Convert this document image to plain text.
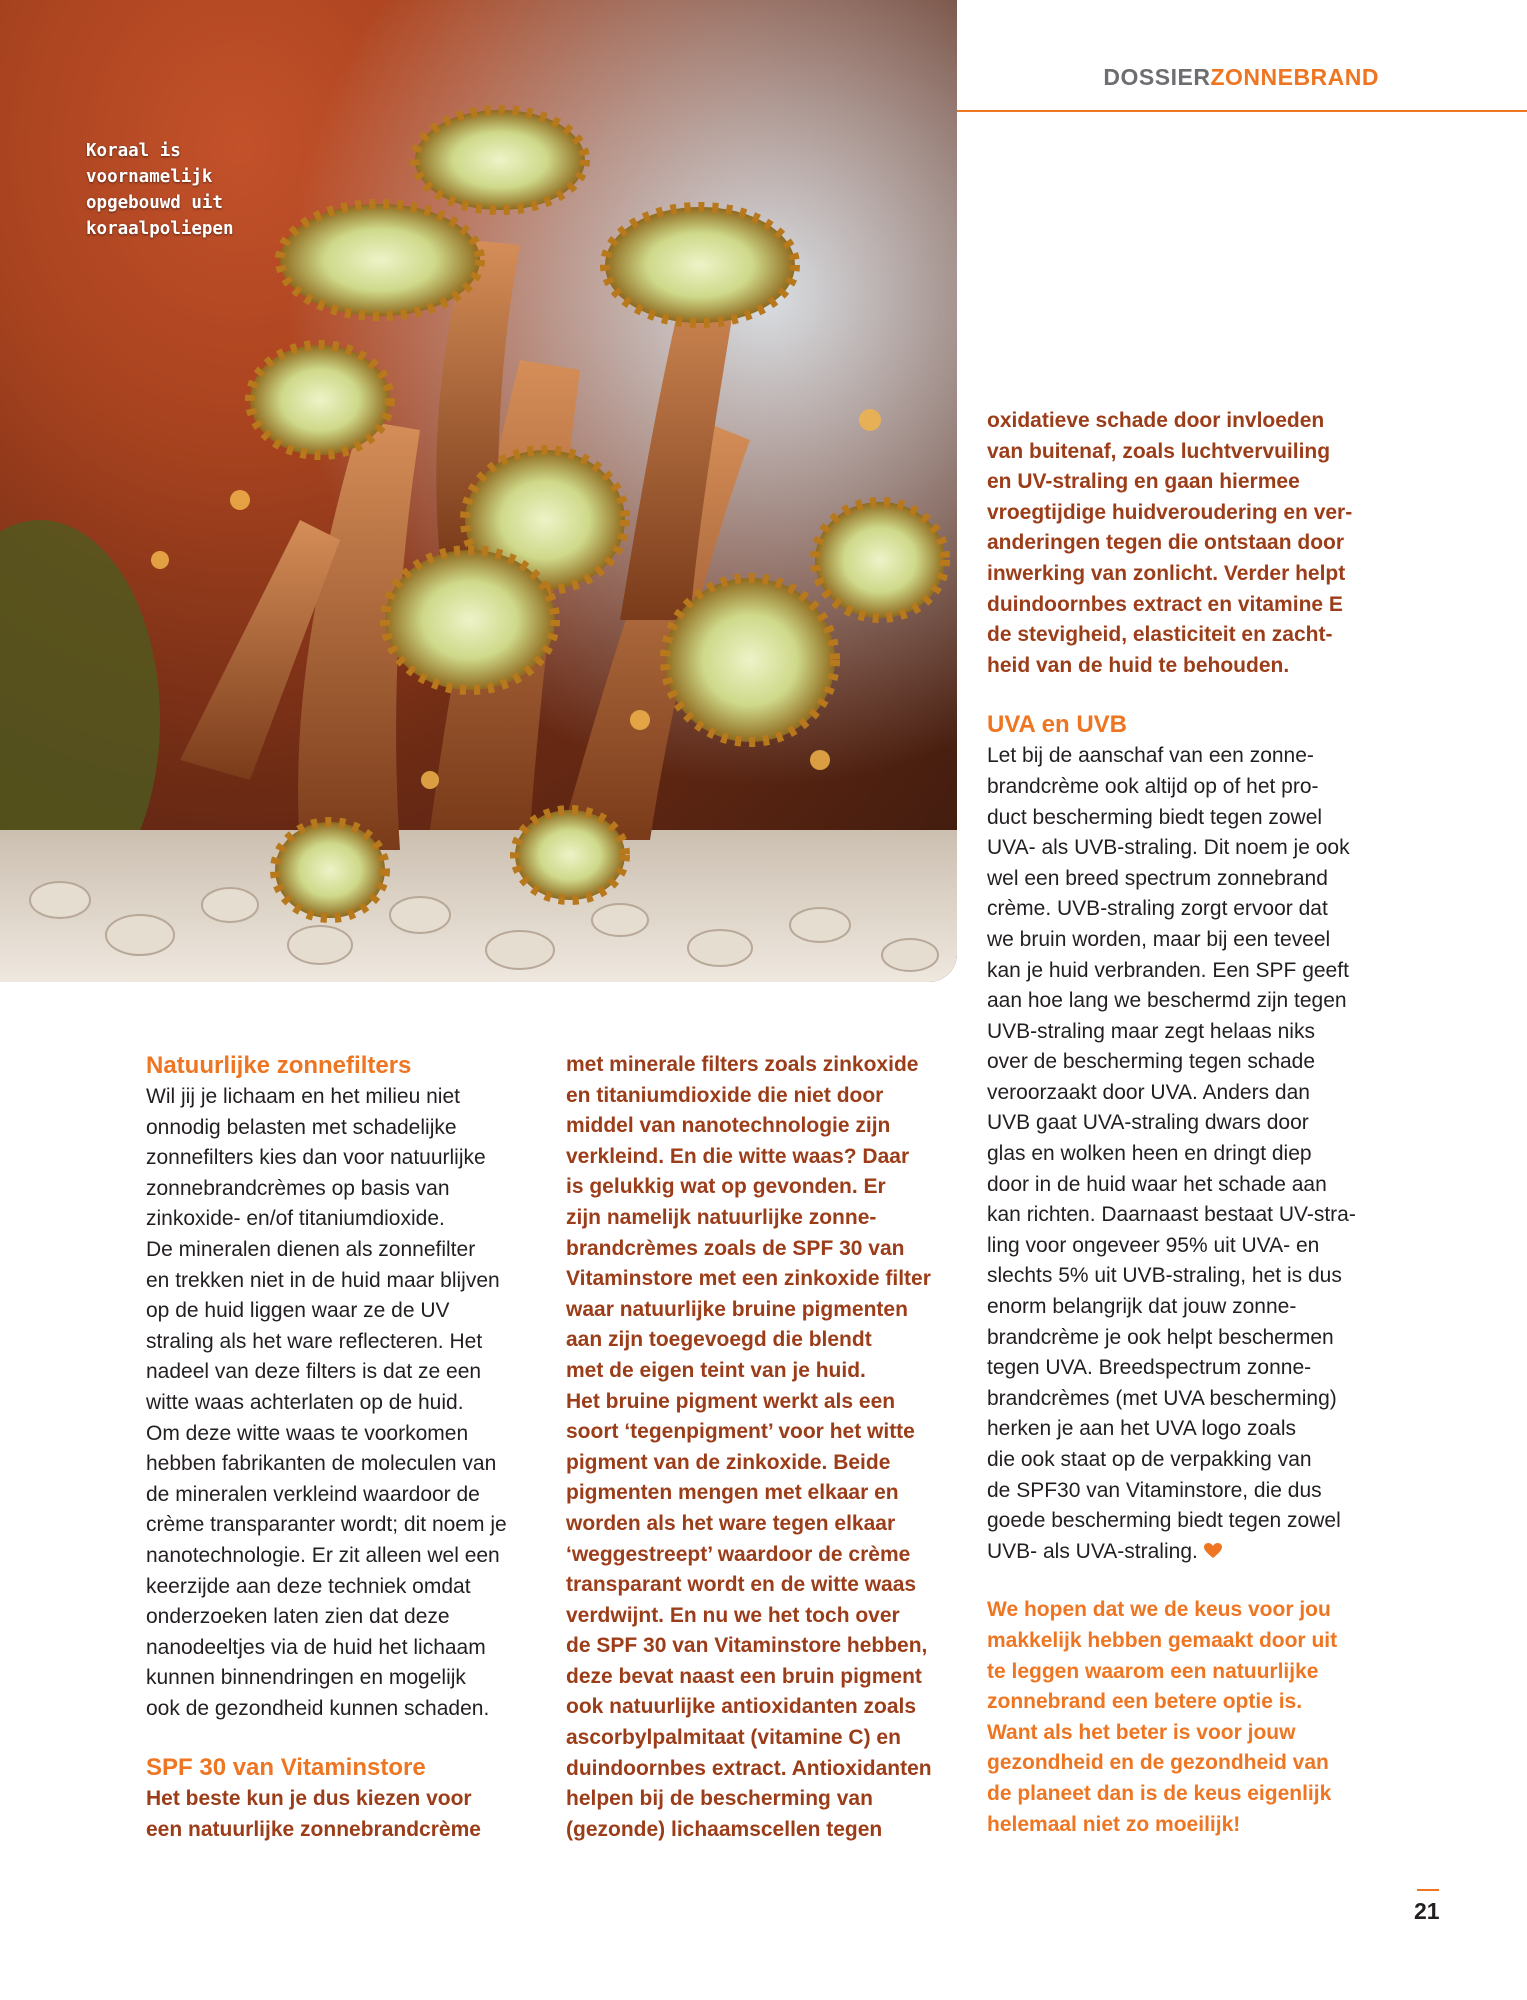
Koraal is
voornamelijk
opgebouwd uit
koraalpoliepen
DOSSIERZONNEBRAND
Natuurlijke zonnefilters

Wil jij je lichaam en het milieu niet

onnodig belasten met schadelijke

zonnefilters kies dan voor natuurlijke

zonnebrandcrèmes op basis van

zinkoxide- en/of titaniumdioxide.

De mineralen dienen als zonnefilter

en trekken niet in de huid maar blijven

op de huid liggen waar ze de UV

straling als het ware reflecteren. Het

nadeel van deze filters is dat ze een

witte waas achterlaten op de huid.

Om deze witte waas te voorkomen

hebben fabrikanten de moleculen van

de mineralen verkleind waardoor de

crème transparanter wordt; dit noem je

nanotechnologie. Er zit alleen wel een

keerzijde aan deze techniek omdat

onderzoeken laten zien dat deze

nanodeeltjes via de huid het lichaam

kunnen binnendringen en mogelijk

ook de gezondheid kunnen schaden.

SPF 30 van Vitaminstore

Het beste kun je dus kiezen voor

een natuurlijke zonnebrandcrème

met minerale filters zoals zinkoxide

en titaniumdioxide die niet door

middel van nanotechnologie zijn

verkleind. En die witte waas? Daar

is gelukkig wat op gevonden. Er

zijn namelijk natuurlijke zonne-

brandcrèmes zoals de SPF 30 van

Vitaminstore met een zinkoxide filter

waar natuurlijke bruine pigmenten

aan zijn toegevoegd die blendt

met de eigen teint van je huid.

Het bruine pigment werkt als een

soort ‘tegenpigment’ voor het witte

pigment van de zinkoxide. Beide

pigmenten mengen met elkaar en

worden als het ware tegen elkaar

‘weggestreept’ waardoor de crème

transparant wordt en de witte waas

verdwijnt. En nu we het toch over

de SPF 30 van Vitaminstore hebben,

deze bevat naast een bruin pigment

ook natuurlijke antioxidanten zoals

ascorbylpalmitaat (vitamine C) en

duindoornbes extract. Antioxidanten

helpen bij de bescherming van

(gezonde) lichaamscellen tegen

oxidatieve schade door invloeden

van buitenaf, zoals luchtvervuiling

en UV-straling en gaan hiermee

vroegtijdige huidveroudering en ver-

anderingen tegen die ontstaan door

inwerking van zonlicht. Verder helpt

duindoornbes extract en vitamine E

de stevigheid, elasticiteit en zacht-

heid van de huid te behouden.

UVA en UVB

Let bij de aanschaf van een zonne-

brandcrème ook altijd op of het pro-

duct bescherming biedt tegen zowel

UVA- als UVB-straling. Dit noem je ook

wel een breed spectrum zonnebrand

crème. UVB-straling zorgt ervoor dat

we bruin worden, maar bij een teveel

kan je huid verbranden. Een SPF geeft

aan hoe lang we beschermd zijn tegen

UVB-straling maar zegt helaas niks

over de bescherming tegen schade

veroorzaakt door UVA. Anders dan

UVB gaat UVA-straling dwars door

glas en wolken heen en dringt diep

door in de huid waar het schade aan

kan richten. Daarnaast bestaat UV-stra-

ling voor ongeveer 95% uit UVA- en

slechts 5% uit UVB-straling, het is dus

enorm belangrijk dat jouw zonne-

brandcrème je ook helpt beschermen

tegen UVA. Breedspectrum zonne-

brandcrèmes (met UVA bescherming)

herken je aan het UVA logo zoals

die ook staat op de verpakking van

de SPF30 van Vitaminstore, die dus

goede bescherming biedt tegen zowel

UVB- als UVA-straling.

We hopen dat we de keus voor jou

makkelijk hebben gemaakt door uit

te leggen waarom een natuurlijke

zonnebrand een betere optie is.

Want als het beter is voor jouw

gezondheid en de gezondheid van

de planeet dan is de keus eigenlijk

helemaal niet zo moeilijk!

21
